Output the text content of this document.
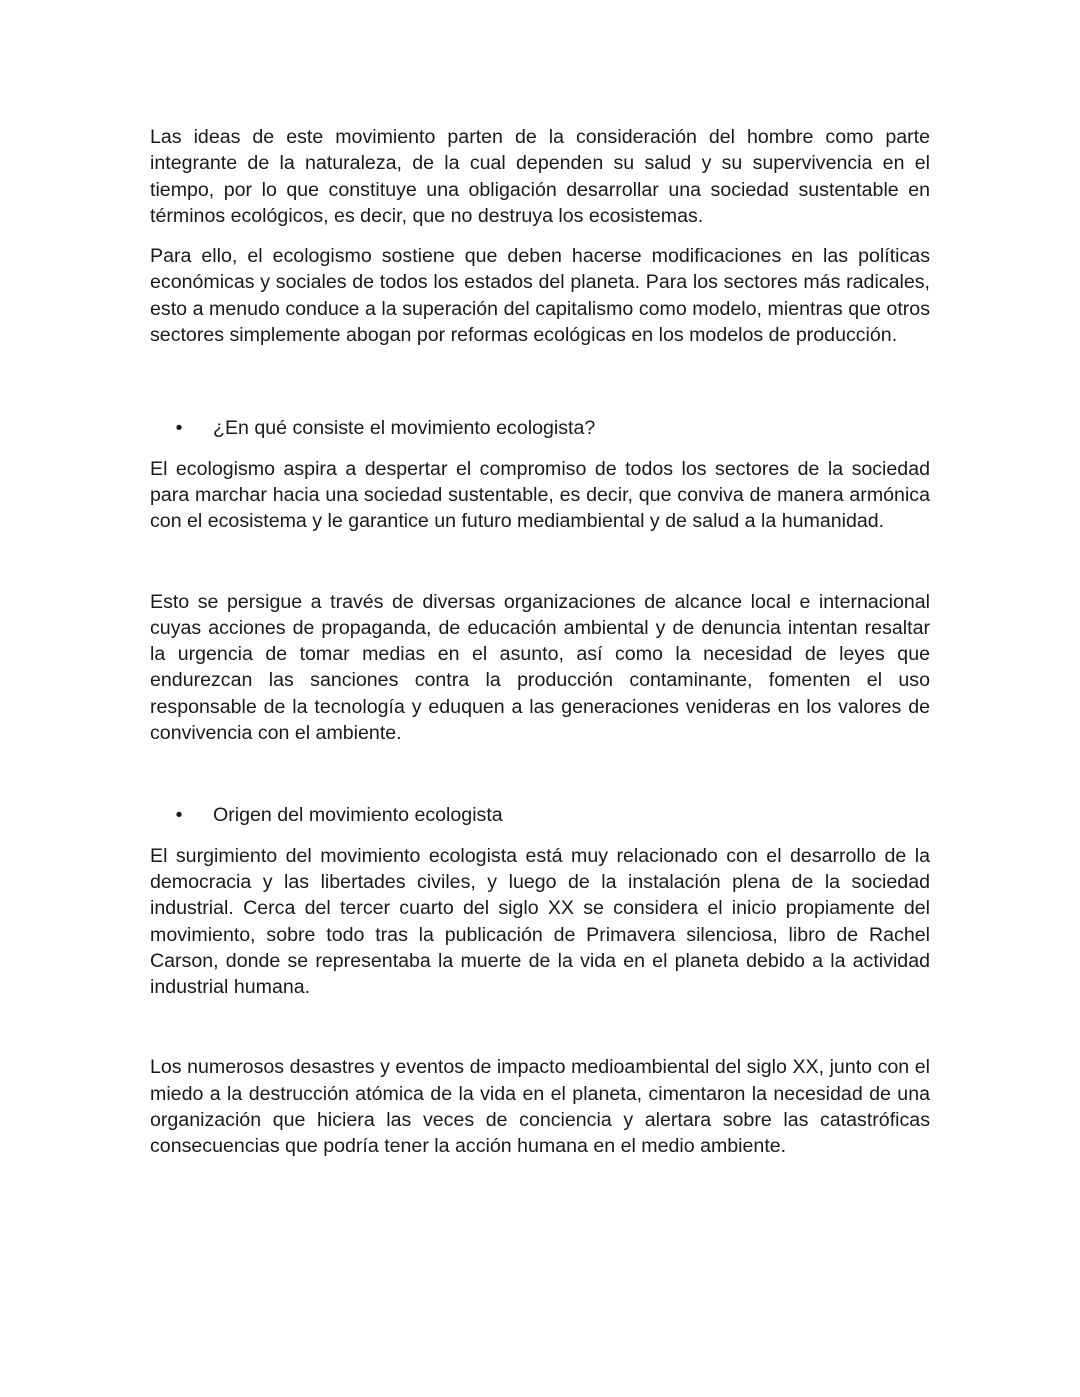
Las ideas de este movimiento parten de la consideración del hombre como parte integrante de la naturaleza, de la cual dependen su salud y su supervivencia en el tiempo, por lo que constituye una obligación desarrollar una sociedad sustentable en términos ecológicos, es decir, que no destruya los ecosistemas.

Para ello, el ecologismo sostiene que deben hacerse modificaciones en las políticas económicas y sociales de todos los estados del planeta. Para los sectores más radicales, esto a menudo conduce a la superación del capitalismo como modelo, mientras que otros sectores simplemente abogan por reformas ecológicas en los modelos de producción.

•	¿En qué consiste el movimiento ecologista?

El ecologismo aspira a despertar el compromiso de todos los sectores de la sociedad para marchar hacia una sociedad sustentable, es decir, que conviva de manera armónica con el ecosistema y le garantice un futuro mediambiental y de salud a la humanidad.

Esto se persigue a través de diversas organizaciones de alcance local e internacional cuyas acciones de propaganda, de educación ambiental y de denuncia intentan resaltar la urgencia de tomar medias en el asunto, así como la necesidad de leyes que endurezcan las sanciones contra la producción contaminante, fomenten el uso responsable de la tecnología y eduquen a las generaciones venideras en los valores de convivencia con el ambiente.

•	Origen del movimiento ecologista

El surgimiento del movimiento ecologista está muy relacionado con el desarrollo de la democracia y las libertades civiles, y luego de la instalación plena de la sociedad industrial. Cerca del tercer cuarto del siglo XX se considera el inicio propiamente del movimiento, sobre todo tras la publicación de Primavera silenciosa, libro de Rachel Carson, donde se representaba la muerte de la vida en el planeta debido a la actividad industrial humana.

Los numerosos desastres y eventos de impacto medioambiental del siglo XX, junto con el miedo a la destrucción atómica de la vida en el planeta, cimentaron la necesidad de una organización que hiciera las veces de conciencia y alertara sobre las catastróficas consecuencias que podría tener la acción humana en el medio ambiente.
